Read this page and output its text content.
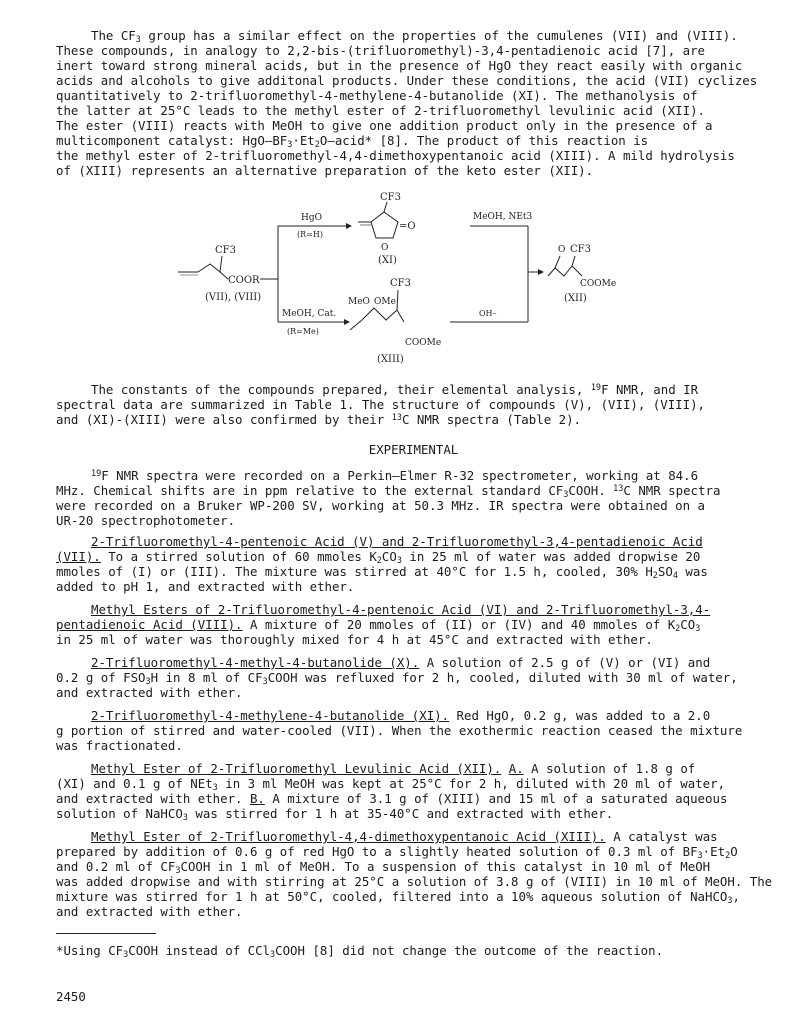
The $CF_3$ group has a similar effect on the properties of the cumulenes (VII) and (VIII).

These compounds, in analogy to 2,2-bis-(trifluoromethyl)-3,4-pentadienoic acid [7], are

inert toward strong mineral acids, but in the presence of HgO they react easily with organic

acids and alcohols to give additonal products. Under these conditions, the acid (VII) cyclizes

quantitatively to 2-trifluoromethyl-4-methylene-4-butanolide (XI). The methanolysis of

the latter at 25°C leads to the methyl ester of 2-trifluoromethyl levulinic acid (XII).

The ester (VIII) reacts with MeOH to give one addition product only in the presence of a

multicomponent catalyst: HgO–$BF_3\cdot Et_2O-acid*$ [8]. The product of this reaction is

the methyl ester of 2-trifluoromethyl-4,4-dimethoxypentanoic acid (XIII). A mild hydrolysis

of (XIII) represents an alternative preparation of the keto ester (XII).

CF3
COOR
(VII), (VIII)
HgO
(R=H)
CF3
=O
O
(XI)
MeOH, NEt3
MeOH, Cat.
(R=Me)
CF3
MeO OMe
COOMe
(XIII)
OH–
O CF3
COOMe
(XII)

The constants of the compounds prepared, their elemental analysis, $^{19}$F NMR, and IR

spectral data are summarized in Table 1. The structure of compounds (V), (VII), (VIII),

and (XI)-(XIII) were also confirmed by their $^{13}$C NMR spectra (Table 2).

EXPERIMENTAL

$^{19}$F NMR spectra were recorded on a Perkin–Elmer R-32 spectrometer, working at 84.6

MHz. Chemical shifts are in ppm relative to the external standard $CF_3COOH$. $^{13}$C NMR spectra

were recorded on a Bruker WP-200 SV, working at 50.3 MHz. IR spectra were obtained on a

UR-20 spectrophotometer.

2-Trifluoromethyl-4-pentenoic Acid (V) and 2-Trifluoromethyl-3,4-pentadienoic Acid

(VII). To a stirred solution of 60 mmoles $K_2CO_3$ in 25 ml of water was added dropwise 20

mmoles of (I) or (III). The mixture was stirred at 40°C for 1.5 h, cooled, 30% $H_2SO_4$ was

added to pH 1, and extracted with ether.

Methyl Esters of 2-Trifluoromethyl-4-pentenoic Acid (VI) and 2-Trifluoromethyl-3,4-

pentadienoic Acid (VIII). A mixture of 20 mmoles of (II) or (IV) and 40 mmoles of $K_2CO_3$

in 25 ml of water was thoroughly mixed for 4 h at 45°C and extracted with ether.

2-Trifluoromethyl-4-methyl-4-butanolide (X). A solution of 2.5 g of (V) or (VI) and

0.2 g of $FSO_3H$ in 8 ml of $CF_3COOH$ was refluxed for 2 h, cooled, diluted with 30 ml of water,

and extracted with ether.

2-Trifluoromethyl-4-methylene-4-butanolide (XI). Red HgO, 0.2 g, was added to a 2.0

g portion of stirred and water-cooled (VII). When the exothermic reaction ceased the mixture

was fractionated.

Methyl Ester of 2-Trifluoromethyl Levulinic Acid (XII). A. A solution of 1.8 g of

(XI) and 0.1 g of NEt$_3$ in 3 ml MeOH was kept at 25°C for 2 h, diluted with 20 ml of water,

and extracted with ether. B. A mixture of 3.1 g of (XIII) and 15 ml of a saturated aqueous

solution of NaHCO$_3$ was stirred for 1 h at 35-40°C and extracted with ether.

Methyl Ester of 2-Trifluoromethyl-4,4-dimethoxypentanoic Acid (XIII). A catalyst was

prepared by addition of 0.6 g of red HgO to a slightly heated solution of 0.3 ml of $BF_3\cdot Et_2O$

and 0.2 ml of $CF_3COOH$ in 1 ml of MeOH. To a suspension of this catalyst in 10 ml of MeOH

was added dropwise and with stirring at 25°C a solution of 3.8 g of (VIII) in 10 ml of MeOH. The

mixture was stirred for 1 h at 50°C, cooled, filtered into a 10% aqueous solution of NaHCO$_3$,

and extracted with ether.

*Using $CF_3COOH$ instead of CCl$_3$COOH [8] did not change the outcome of the reaction.

2450
